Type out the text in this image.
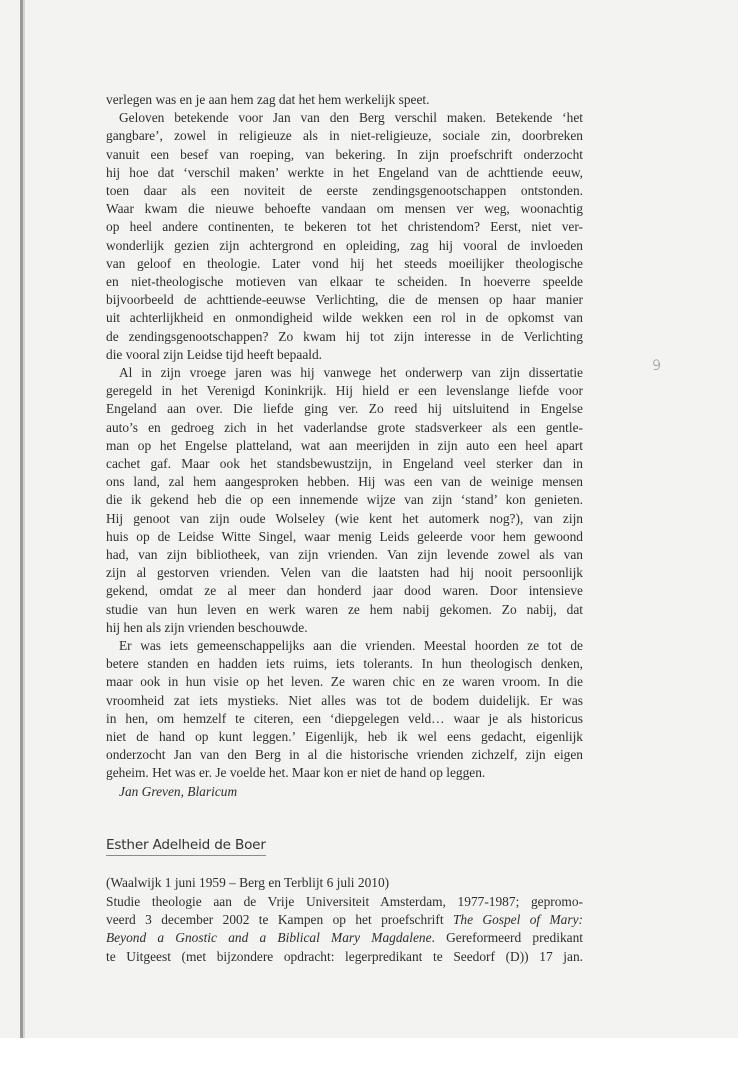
verlegen was en je aan hem zag dat het hem werkelijk speet.
Geloven betekende voor Jan van den Berg verschil maken. Betekende ‘het
gangbare’, zowel in religieuze als in niet-religieuze, sociale zin, doorbreken
vanuit een besef van roeping, van bekering. In zijn proefschrift onderzocht
hij hoe dat ‘verschil maken’ werkte in het Engeland van de achttiende eeuw,
toen daar als een noviteit de eerste zendingsgenootschappen ontstonden.
Waar kwam die nieuwe behoefte vandaan om mensen ver weg, woonachtig
op heel andere continenten, te bekeren tot het christendom? Eerst, niet ver-
wonderlijk gezien zijn achtergrond en opleiding, zag hij vooral de invloeden
van geloof en theologie. Later vond hij het steeds moeilijker theologische
en niet-theologische motieven van elkaar te scheiden. In hoeverre speelde
bijvoorbeeld de achttiende-eeuwse Verlichting, die de mensen op haar manier
uit achterlijkheid en onmondigheid wilde wekken een rol in de opkomst van
de zendingsgenootschappen? Zo kwam hij tot zijn interesse in de Verlichting
die vooral zijn Leidse tijd heeft bepaald.
Al in zijn vroege jaren was hij vanwege het onderwerp van zijn dissertatie
geregeld in het Verenigd Koninkrijk. Hij hield er een levenslange liefde voor
Engeland aan over. Die liefde ging ver. Zo reed hij uitsluitend in Engelse
auto’s en gedroeg zich in het vaderlandse grote stadsverkeer als een gentle-
man op het Engelse platteland, wat aan meerijden in zijn auto een heel apart
cachet gaf. Maar ook het standsbewustzijn, in Engeland veel sterker dan in
ons land, zal hem aangesproken hebben. Hij was een van de weinige mensen
die ik gekend heb die op een innemende wijze van zijn ‘stand’ kon genieten.
Hij genoot van zijn oude Wolseley (wie kent het automerk nog?), van zijn
huis op de Leidse Witte Singel, waar menig Leids geleerde voor hem gewoond
had, van zijn bibliotheek, van zijn vrienden. Van zijn levende zowel als van
zijn al gestorven vrienden. Velen van die laatsten had hij nooit persoonlijk
gekend, omdat ze al meer dan honderd jaar dood waren. Door intensieve
studie van hun leven en werk waren ze hem nabij gekomen. Zo nabij, dat
hij hen als zijn vrienden beschouwde.
Er was iets gemeenschappelijks aan die vrienden. Meestal hoorden ze tot de
betere standen en hadden iets ruims, iets tolerants. In hun theologisch denken,
maar ook in hun visie op het leven. Ze waren chic en ze waren vroom. In die
vroomheid zat iets mystieks. Niet alles was tot de bodem duidelijk. Er was
in hen, om hemzelf te citeren, een ‘diepgelegen veld… waar je als historicus
niet de hand op kunt leggen.’ Eigenlijk, heb ik wel eens gedacht, eigenlijk
onderzocht Jan van den Berg in al die historische vrienden zichzelf, zijn eigen
geheim. Het was er. Je voelde het. Maar kon er niet de hand op leggen.
9
Jan Greven, Blaricum
Esther Adelheid de Boer
(Waalwijk 1 juni 1959 – Berg en Terblijt 6 juli 2010)
Studie theologie aan de Vrije Universiteit Amsterdam, 1977-1987; gepromo-
veerd 3 december 2002 te Kampen op het proefschrift The Gospel of Mary:
Beyond a Gnostic and a Biblical Mary Magdalene. Gereformeerd predikant
te Uitgeest (met bijzondere opdracht: legerpredikant te Seedorf (D)) 17 jan.
